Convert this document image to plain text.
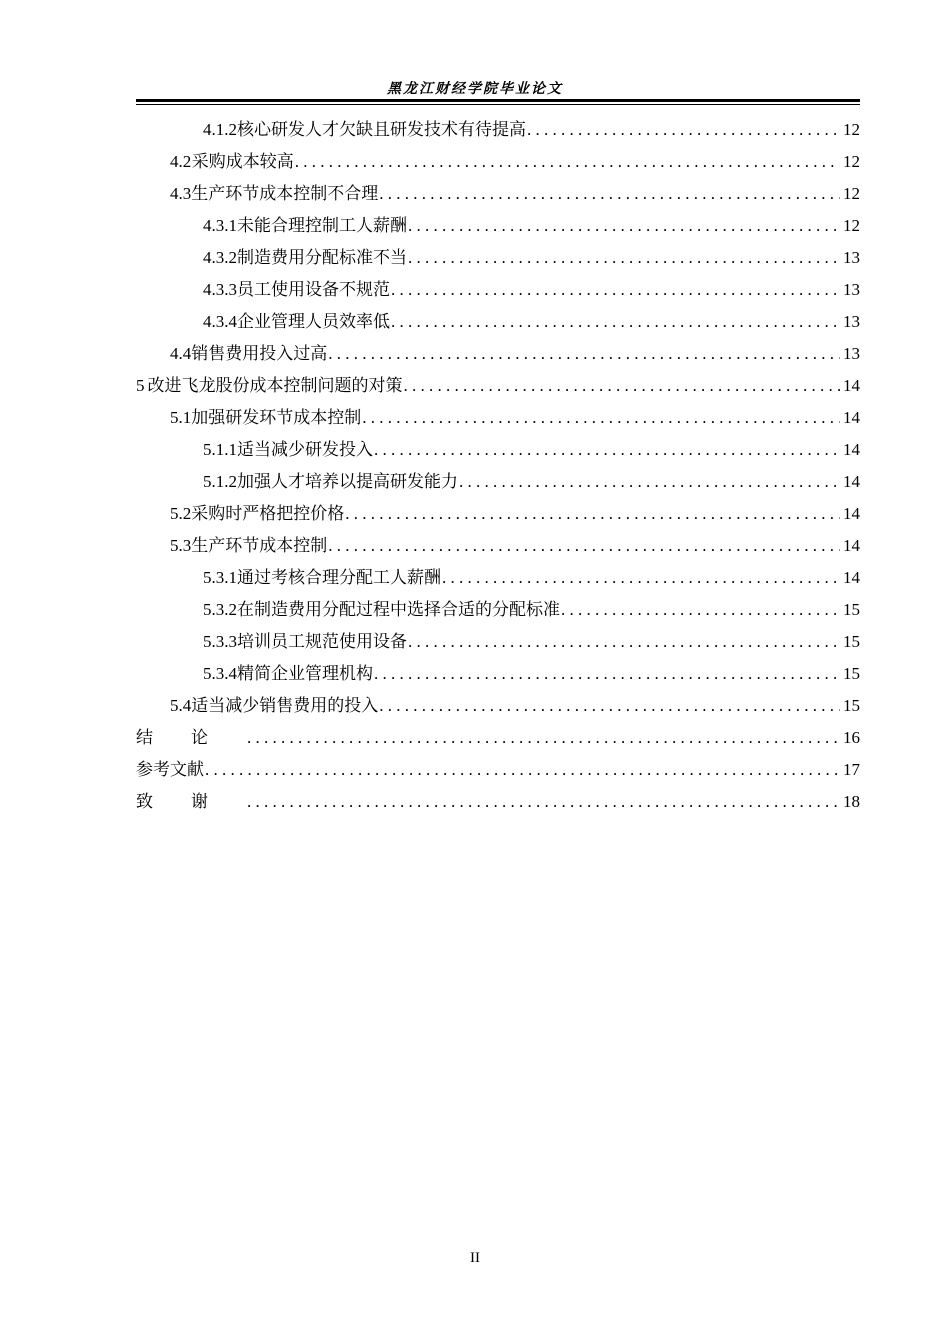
黑龙江财经学院毕业论文
4.1.2 核心研发人才欠缺且研发技术有待提高 . . .	12
4.2 采购成本较高 . . .	12
4.3 生产环节成本控制不合理 . . .	12
4.3.1 未能合理控制工人薪酬 . . .	12
4.3.2 制造费用分配标准不当 . . .	13
4.3.3 员工使用设备不规范 . . .	13
4.3.4 企业管理人员效率低 . . .	13
4.4 销售费用投入过高 . . .	13
5 改进飞龙股份成本控制问题的对策 . . .	14
5.1 加强研发环节成本控制 . . .	14
5.1.1 适当减少研发投入 . . .	14
5.1.2 加强人才培养以提高研发能力 . . .	14
5.2 采购时严格把控价格 . . .	14
5.3 生产环节成本控制 . . .	14
5.3.1 通过考核合理分配工人薪酬 . . .	14
5.3.2 在制造费用分配过程中选择合适的分配标准 . . .	15
5.3.3 培训员工规范使用设备 . . .	15
5.3.4 精简企业管理机构 . . .	15
5.4 适当减少销售费用的投入 . . .	15
结论 . . .	16
参考文献 . . .	17
致谢 . . .	18
II
